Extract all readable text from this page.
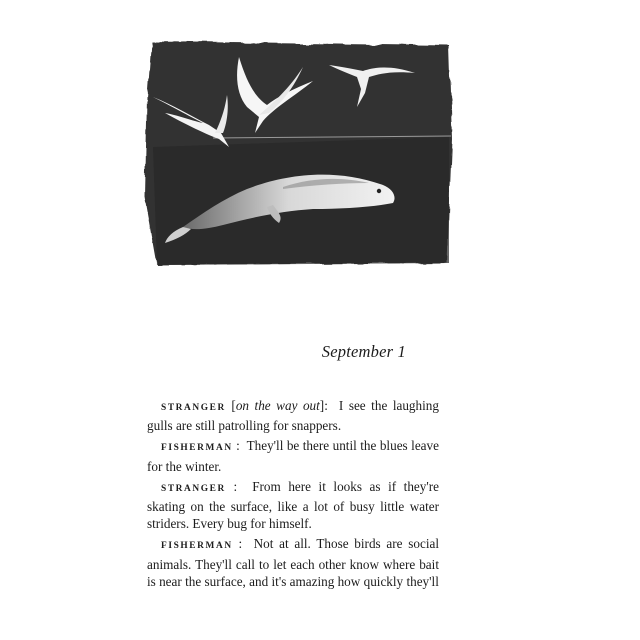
September 1

STRANGER [on the way out]:  I see the laughing gulls are still patrolling for snappers.

FISHERMAN :  They'll be there until the blues leave for the winter.

STRANGER :  From here it looks as if they're skating on the surface, like a lot of busy little water striders. Every bug for himself.

FISHERMAN :  Not at all. Those birds are social animals. They'll call to let each other know where bait is near the surface, and it's amazing how quickly they'll
